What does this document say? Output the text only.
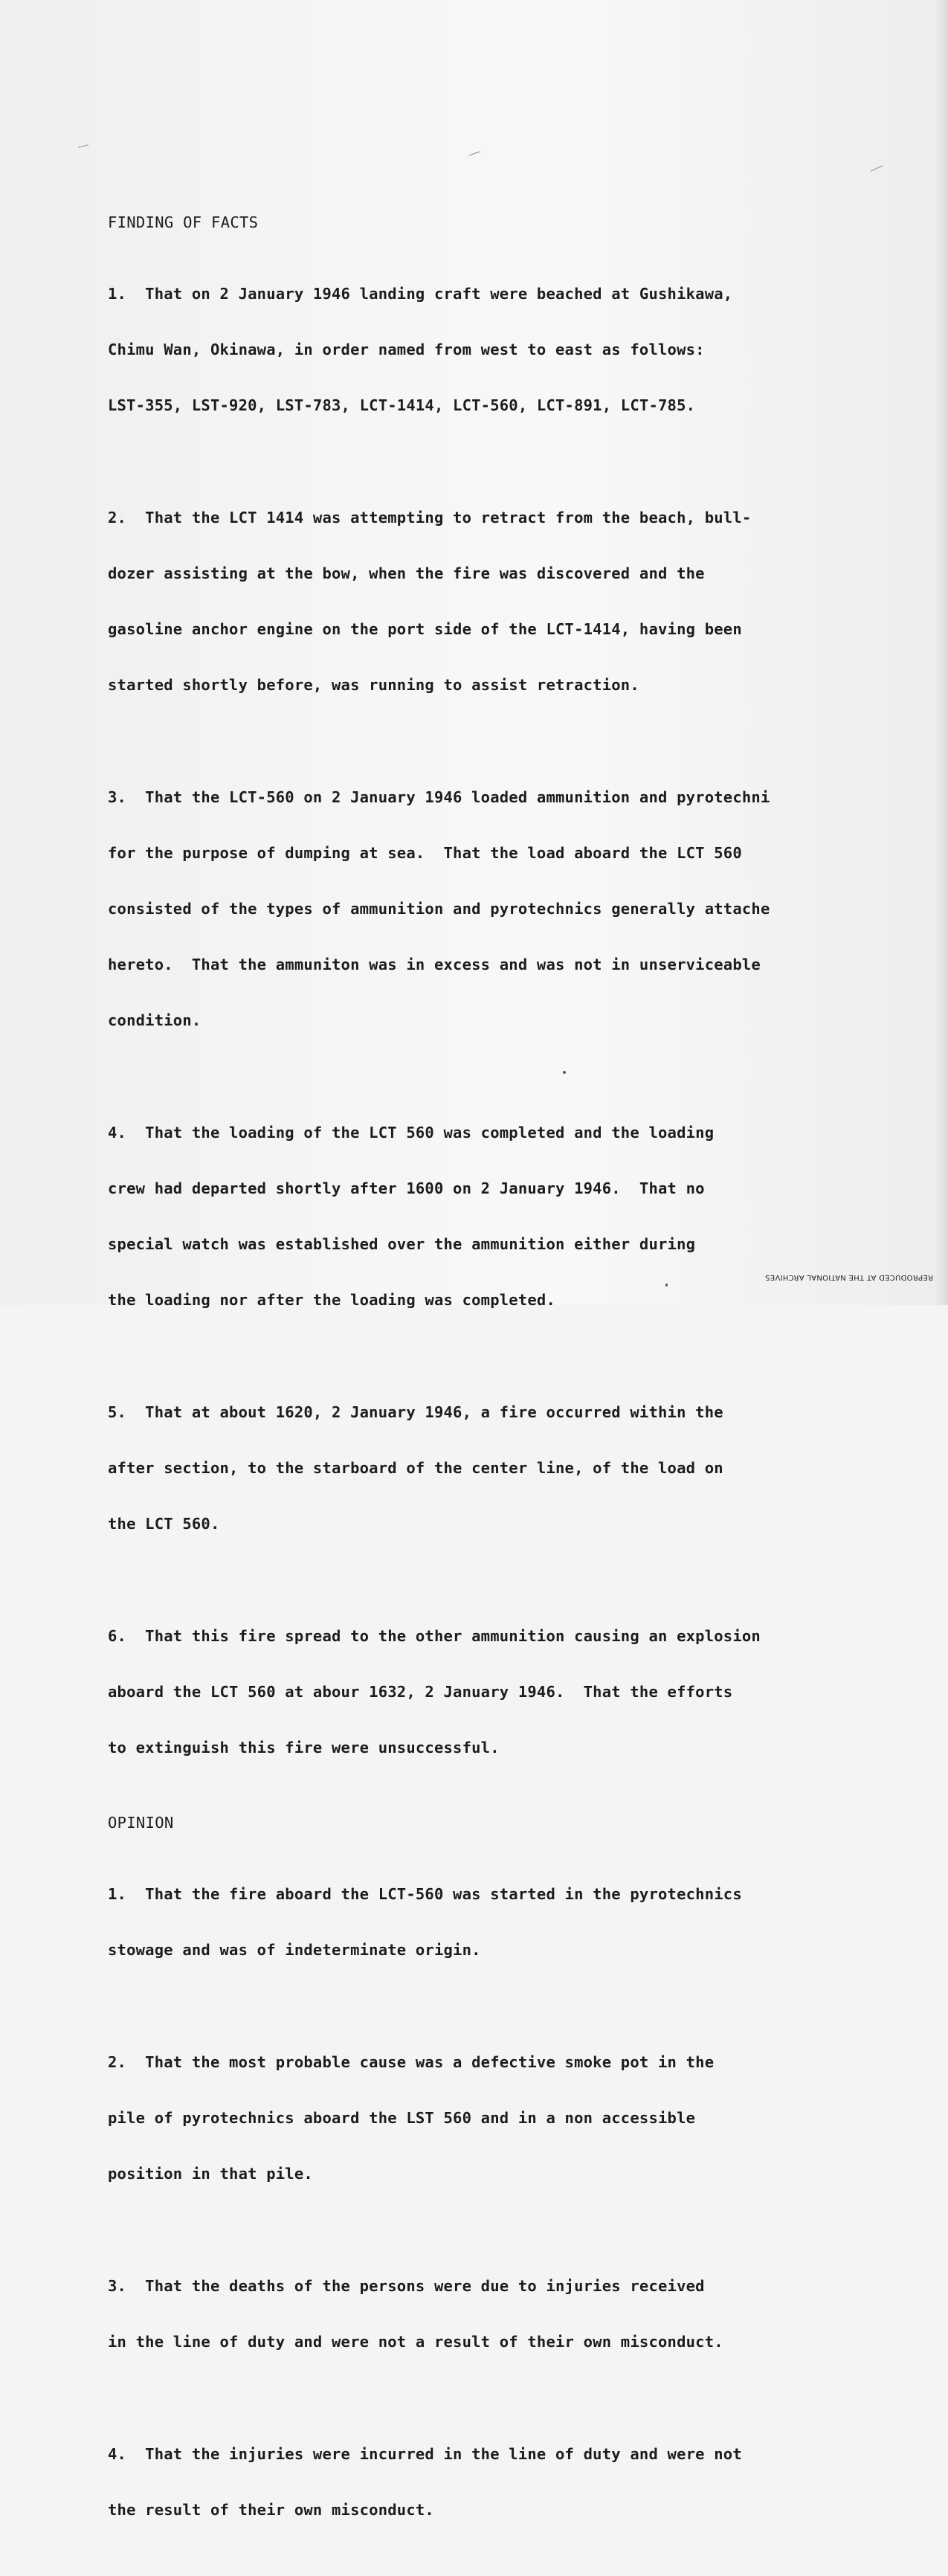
FINDING OF FACTS

1.  That on 2 January 1946 landing craft were beached at Gushikawa,

Chimu Wan, Okinawa, in order named from west to east as follows:

LST-355, LST-920, LST-783, LCT-1414, LCT-560, LCT-891, LCT-785.

2.  That the LCT 1414 was attempting to retract from the beach, bull-

dozer assisting at the bow, when the fire was discovered and the

gasoline anchor engine on the port side of the LCT-1414, having been

started shortly before, was running to assist retraction.

3.  That the LCT-560 on 2 January 1946 loaded ammunition and pyrotechni

for the purpose of dumping at sea.  That the load aboard the LCT 560

consisted of the types of ammunition and pyrotechnics generally attache

hereto.  That the ammuniton was in excess and was not in unserviceable

condition.

4.  That the loading of the LCT 560 was completed and the loading

crew had departed shortly after 1600 on 2 January 1946.  That no

special watch was established over the ammunition either during

the loading nor after the loading was completed.

5.  That at about 1620, 2 January 1946, a fire occurred within the

after section, to the starboard of the center line, of the load on

the LCT 560.

6.  That this fire spread to the other ammunition causing an explosion

aboard the LCT 560 at abour 1632, 2 January 1946.  That the efforts

to extinguish this fire were unsuccessful.

OPINION

1.  That the fire aboard the LCT-560 was started in the pyrotechnics

stowage and was of indeterminate origin.

2.  That the most probable cause was a defective smoke pot in the

pile of pyrotechnics aboard the LST 560 and in a non accessible

position in that pile.

3.  That the deaths of the persons were due to injuries received

in the line of duty and were not a result of their own misconduct.

4.  That the injuries were incurred in the line of duty and were not

the result of their own misconduct.

REPRODUCED AT THE NATIONAL ARCHIVES
